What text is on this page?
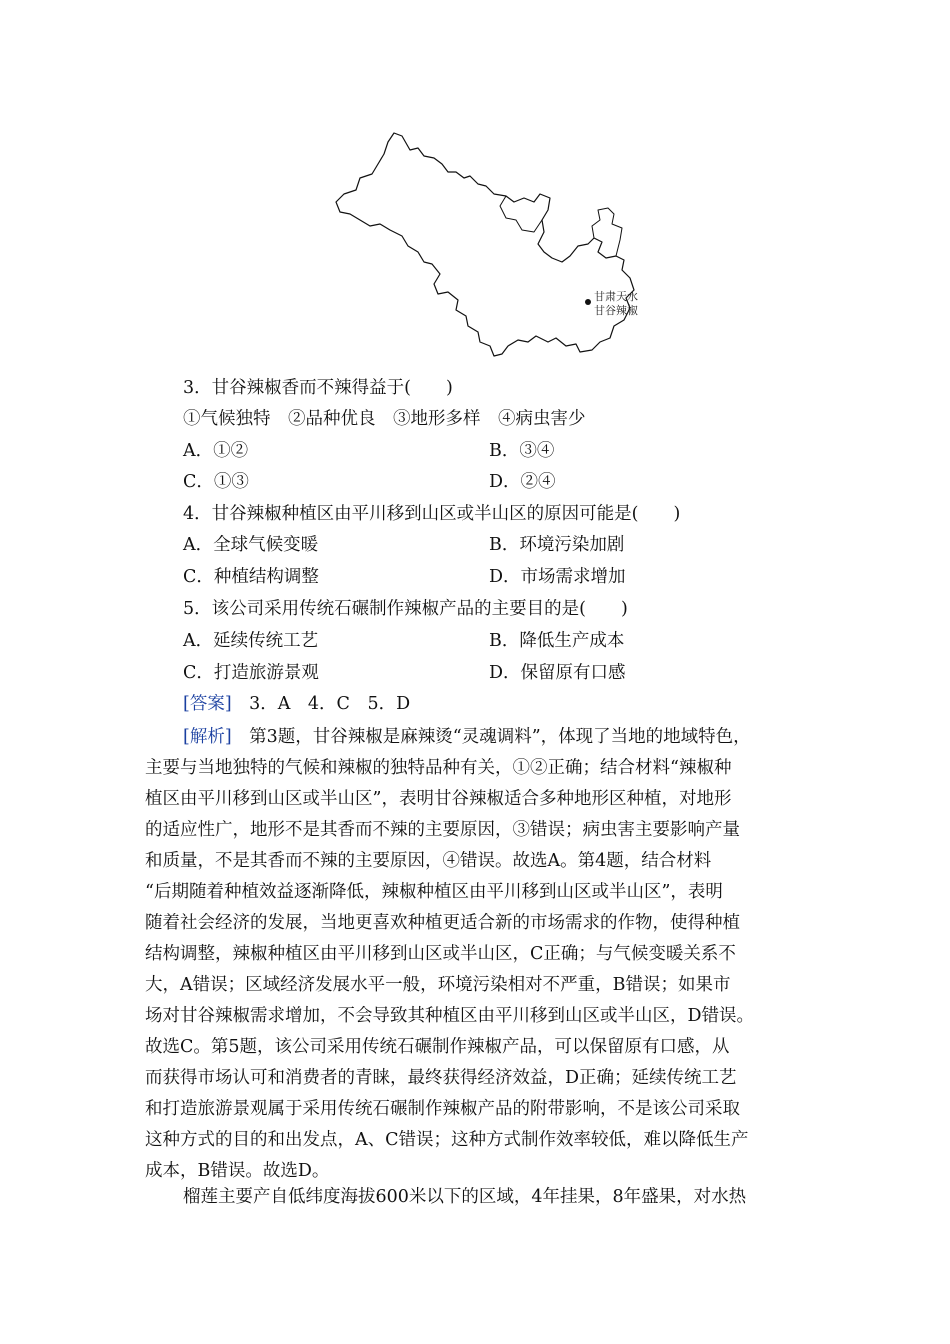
甘肃天水
甘谷辣椒
3．甘谷辣椒香而不辣得益于(　　)
①气候独特　②品种优良　③地形多样　④病虫害少
A．①②	B．③④
C．①③	D．②④
4．甘谷辣椒种植区由平川移到山区或半山区的原因可能是(　　)
A．全球气候变暖	B．环境污染加剧
C．种植结构调整	D．市场需求增加
5．该公司采用传统石碾制作辣椒产品的主要目的是(　　)
A．延续传统工艺	B．降低生产成本
C．打造旅游景观	D．保留原有口感
[答案]　 3．A　4．C　5．D

[解析]　 第3题，甘谷辣椒是麻辣烫“灵魂调料”，体现了当地的地域特色，

主要与当地独特的气候和辣椒的独特品种有关，①②正确；结合材料“辣椒种

植区由平川移到山区或半山区”，表明甘谷辣椒适合多种地形区种植，对地形

的适应性广，地形不是其香而不辣的主要原因，③错误；病虫害主要影响产量

和质量，不是其香而不辣的主要原因，④错误。故选A。第4题，结合材料

“后期随着种植效益逐渐降低，辣椒种植区由平川移到山区或半山区”，表明

随着社会经济的发展，当地更喜欢种植更适合新的市场需求的作物，使得种植

结构调整，辣椒种植区由平川移到山区或半山区，C正确；与气候变暖关系不

大，A错误；区域经济发展水平一般，环境污染相对不严重，B错误；如果市

场对甘谷辣椒需求增加，不会导致其种植区由平川移到山区或半山区，D错误。

故选C。第5题，该公司采用传统石碾制作辣椒产品，可以保留原有口感，从

而获得市场认可和消费者的青睐，最终获得经济效益，D正确；延续传统工艺

和打造旅游景观属于采用传统石碾制作辣椒产品的附带影响，不是该公司采取

这种方式的目的和出发点，A、C错误；这种方式制作效率较低，难以降低生产

成本，B错误。故选D。

榴莲主要产自低纬度海拔600米以下的区域，4年挂果，8年盛果，对水热
